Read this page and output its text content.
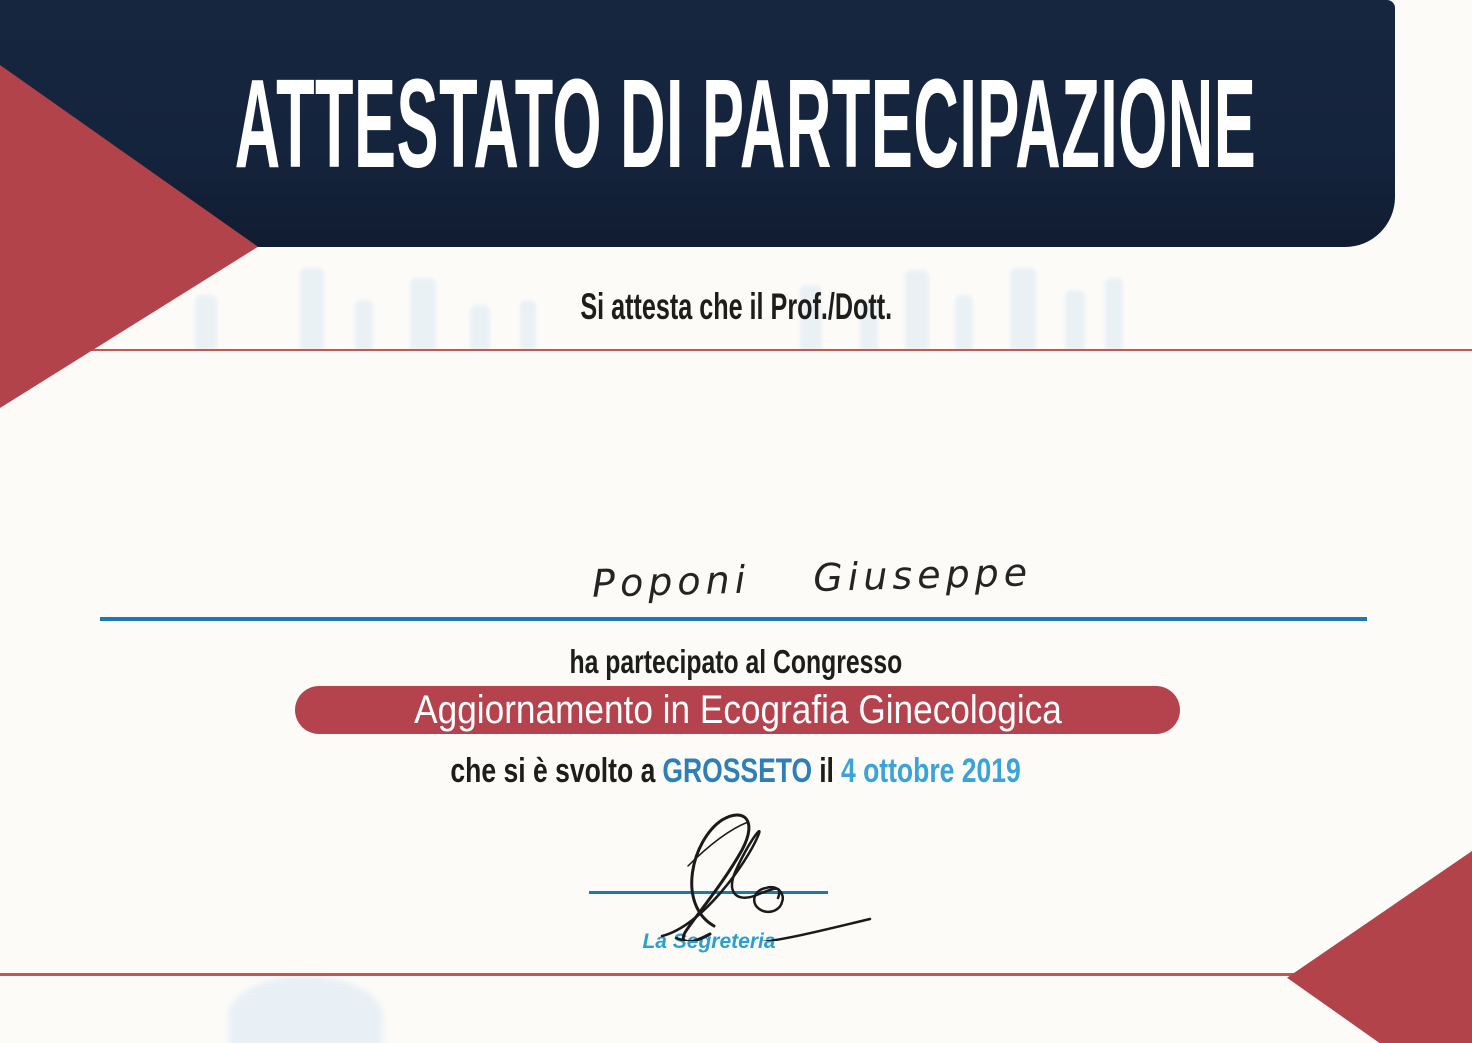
ATTESTATO DI PARTECIPAZIONE
Si attesta che il Prof./Dott.
Poponi Giuseppe
ha partecipato al Congresso
Aggiornamento in Ecografia Ginecologica
che si è svolto a GROSSETO il 4 ottobre 2019
La Segreteria
